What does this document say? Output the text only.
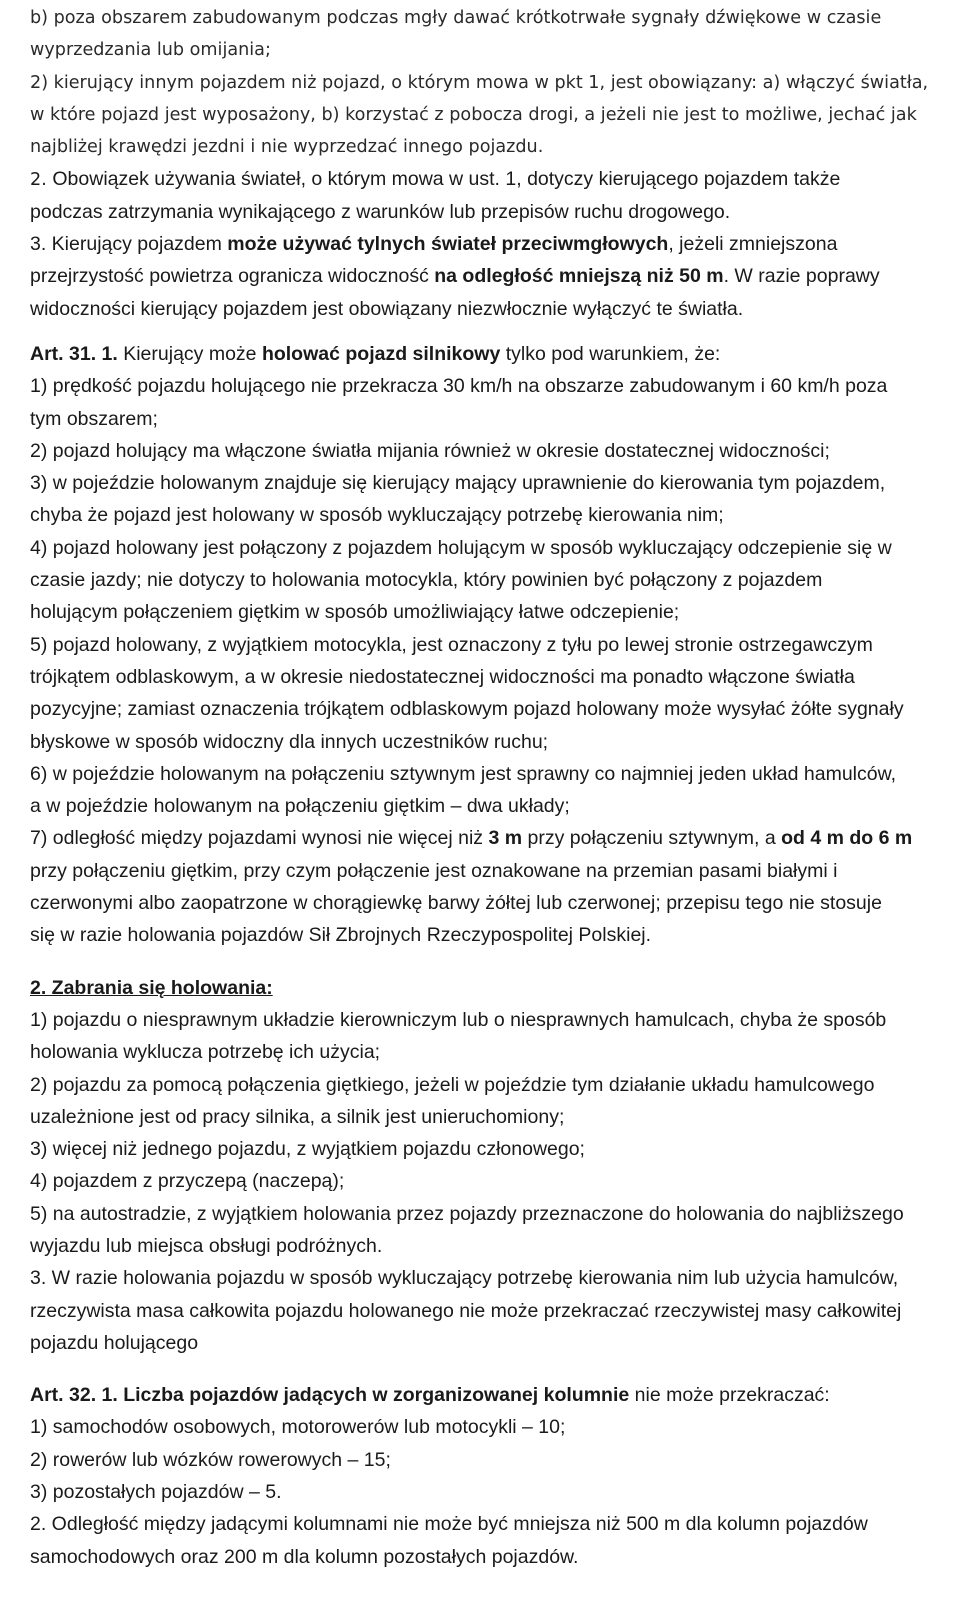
b) poza obszarem zabudowanym podczas mgły dawać krótkotrwałe sygnały dźwiękowe w czasie
wyprzedzania lub omijania;
2) kierujący innym pojazdem niż pojazd, o którym mowa w pkt 1, jest obowiązany: a) włączyć światła,
w które pojazd jest wyposażony, b) korzystać z pobocza drogi, a jeżeli nie jest to możliwe, jechać jak
najbliżej krawędzi jezdni i nie wyprzedzać innego pojazdu.
2. Obowiązek używania świateł, o którym mowa w ust. 1, dotyczy kierującego pojazdem także
podczas zatrzymania wynikającego z warunków lub przepisów ruchu drogowego.
3. Kierujący pojazdem może używać tylnych świateł przeciwmgłowych, jeżeli zmniejszona
przejrzystość powietrza ogranicza widoczność na odległość mniejszą niż 50 m. W razie poprawy
widoczności kierujący pojazdem jest obowiązany niezwłocznie wyłączyć te światła.
Art. 31. 1. Kierujący może holować pojazd silnikowy tylko pod warunkiem, że:
1) prędkość pojazdu holującego nie przekracza 30 km/h na obszarze zabudowanym i 60 km/h poza
tym obszarem;
2) pojazd holujący ma włączone światła mijania również w okresie dostatecznej widoczności;
3) w pojeździe holowanym znajduje się kierujący mający uprawnienie do kierowania tym pojazdem,
chyba że pojazd jest holowany w sposób wykluczający potrzebę kierowania nim;
4) pojazd holowany jest połączony z pojazdem holującym w sposób wykluczający odczepienie się w
czasie jazdy; nie dotyczy to holowania motocykla, który powinien być połączony z pojazdem
holującym połączeniem giętkim w sposób umożliwiający łatwe odczepienie;
5) pojazd holowany, z wyjątkiem motocykla, jest oznaczony z tyłu po lewej stronie ostrzegawczym
trójkątem odblaskowym, a w okresie niedostatecznej widoczności ma ponadto włączone światła
pozycyjne; zamiast oznaczenia trójkątem odblaskowym pojazd holowany może wysyłać żółte sygnały
błyskowe w sposób widoczny dla innych uczestników ruchu;
6) w pojeździe holowanym na połączeniu sztywnym jest sprawny co najmniej jeden układ hamulców,
a w pojeździe holowanym na połączeniu giętkim – dwa układy;
7) odległość między pojazdami wynosi nie więcej niż 3 m przy połączeniu sztywnym, a od 4 m do 6 m
przy połączeniu giętkim, przy czym połączenie jest oznakowane na przemian pasami białymi i
czerwonymi albo zaopatrzone w chorągiewkę barwy żółtej lub czerwonej; przepisu tego nie stosuje
się w razie holowania pojazdów Sił Zbrojnych Rzeczypospolitej Polskiej.
2. Zabrania się holowania:
1) pojazdu o niesprawnym układzie kierowniczym lub o niesprawnych hamulcach, chyba że sposób
holowania wyklucza potrzebę ich użycia;
2) pojazdu za pomocą połączenia giętkiego, jeżeli w pojeździe tym działanie układu hamulcowego
uzależnione jest od pracy silnika, a silnik jest unieruchomiony;
3) więcej niż jednego pojazdu, z wyjątkiem pojazdu członowego;
4) pojazdem z przyczepą (naczepą);
5) na autostradzie, z wyjątkiem holowania przez pojazdy przeznaczone do holowania do najbliższego
wyjazdu lub miejsca obsługi podróżnych.
3. W razie holowania pojazdu w sposób wykluczający potrzebę kierowania nim lub użycia hamulców,
rzeczywista masa całkowita pojazdu holowanego nie może przekraczać rzeczywistej masy całkowitej
pojazdu holującego
Art. 32. 1. Liczba pojazdów jadących w zorganizowanej kolumnie nie może przekraczać:
1) samochodów osobowych, motorowerów lub motocykli – 10;
2) rowerów lub wózków rowerowych – 15;
3) pozostałych pojazdów – 5.
2. Odległość między jadącymi kolumnami nie może być mniejsza niż 500 m dla kolumn pojazdów
samochodowych oraz 200 m dla kolumn pozostałych pojazdów.
